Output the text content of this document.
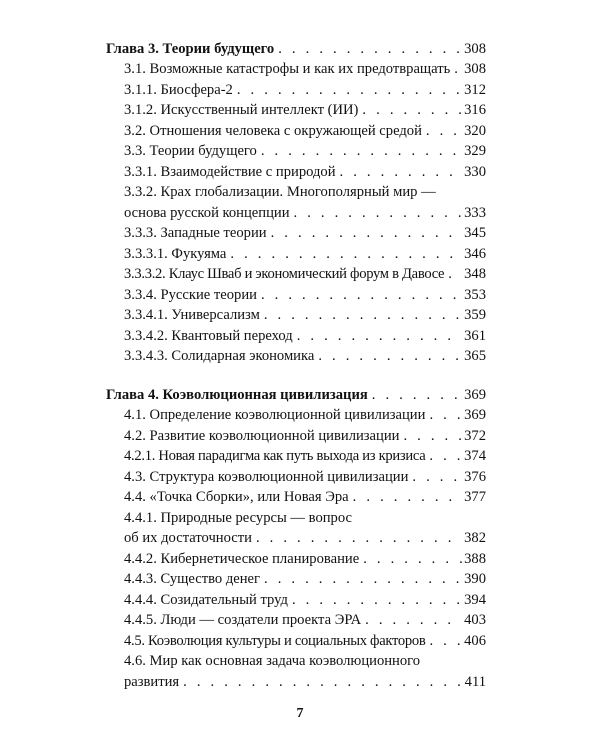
Глава 3. Теории будущего . . .	308
3.1. Возможные катастрофы и как их предотвращать . . . 308
3.1.1. Биосфера-2 . . .	312
3.1.2. Искусственный интеллект (ИИ) . . .	316
3.2. Отношения человека с окружающей средой . . .	320
3.3. Теории будущего . . .	329
3.3.1. Взаимодействие с природой . . .	330
3.3.2. Крах глобализации. Многополярный мир —
основа русской концепции . . .	333
3.3.3. Западные теории . . .	345
3.3.3.1. Фукуяма . . .	346
3.3.3.2. Клаус Шваб и экономический форум в Давосе . . . 348
3.3.4. Русские теории . . .	353
3.3.4.1. Универсализм . . .	359
3.3.4.2. Квантовый переход . . .	361
3.3.4.3. Солидарная экономика . . .	365
Глава 4. Коэволюционная цивилизация . . .	369
4.1. Определение коэволюционной цивилизации . . .	369
4.2. Развитие коэволюционной цивилизации . . .	372
4.2.1. Новая парадигма как путь выхода из кризиса . . .	374
4.3. Структура коэволюционной цивилизации . . .	376
4.4. «Точка Сборки», или Новая Эра . . .	377
4.4.1. Природные ресурсы — вопрос
об их достаточности . . .	382
4.4.2. Кибернетическое планирование . . .	388
4.4.3. Существо денег . . .	390
4.4.4. Созидательный труд . . .	394
4.4.5. Люди — создатели проекта ЭРА . . .	403
4.5. Коэволюция культуры и социальных факторов . . .	406
4.6. Мир как основная задача коэволюционного
развития . . .	411
7
